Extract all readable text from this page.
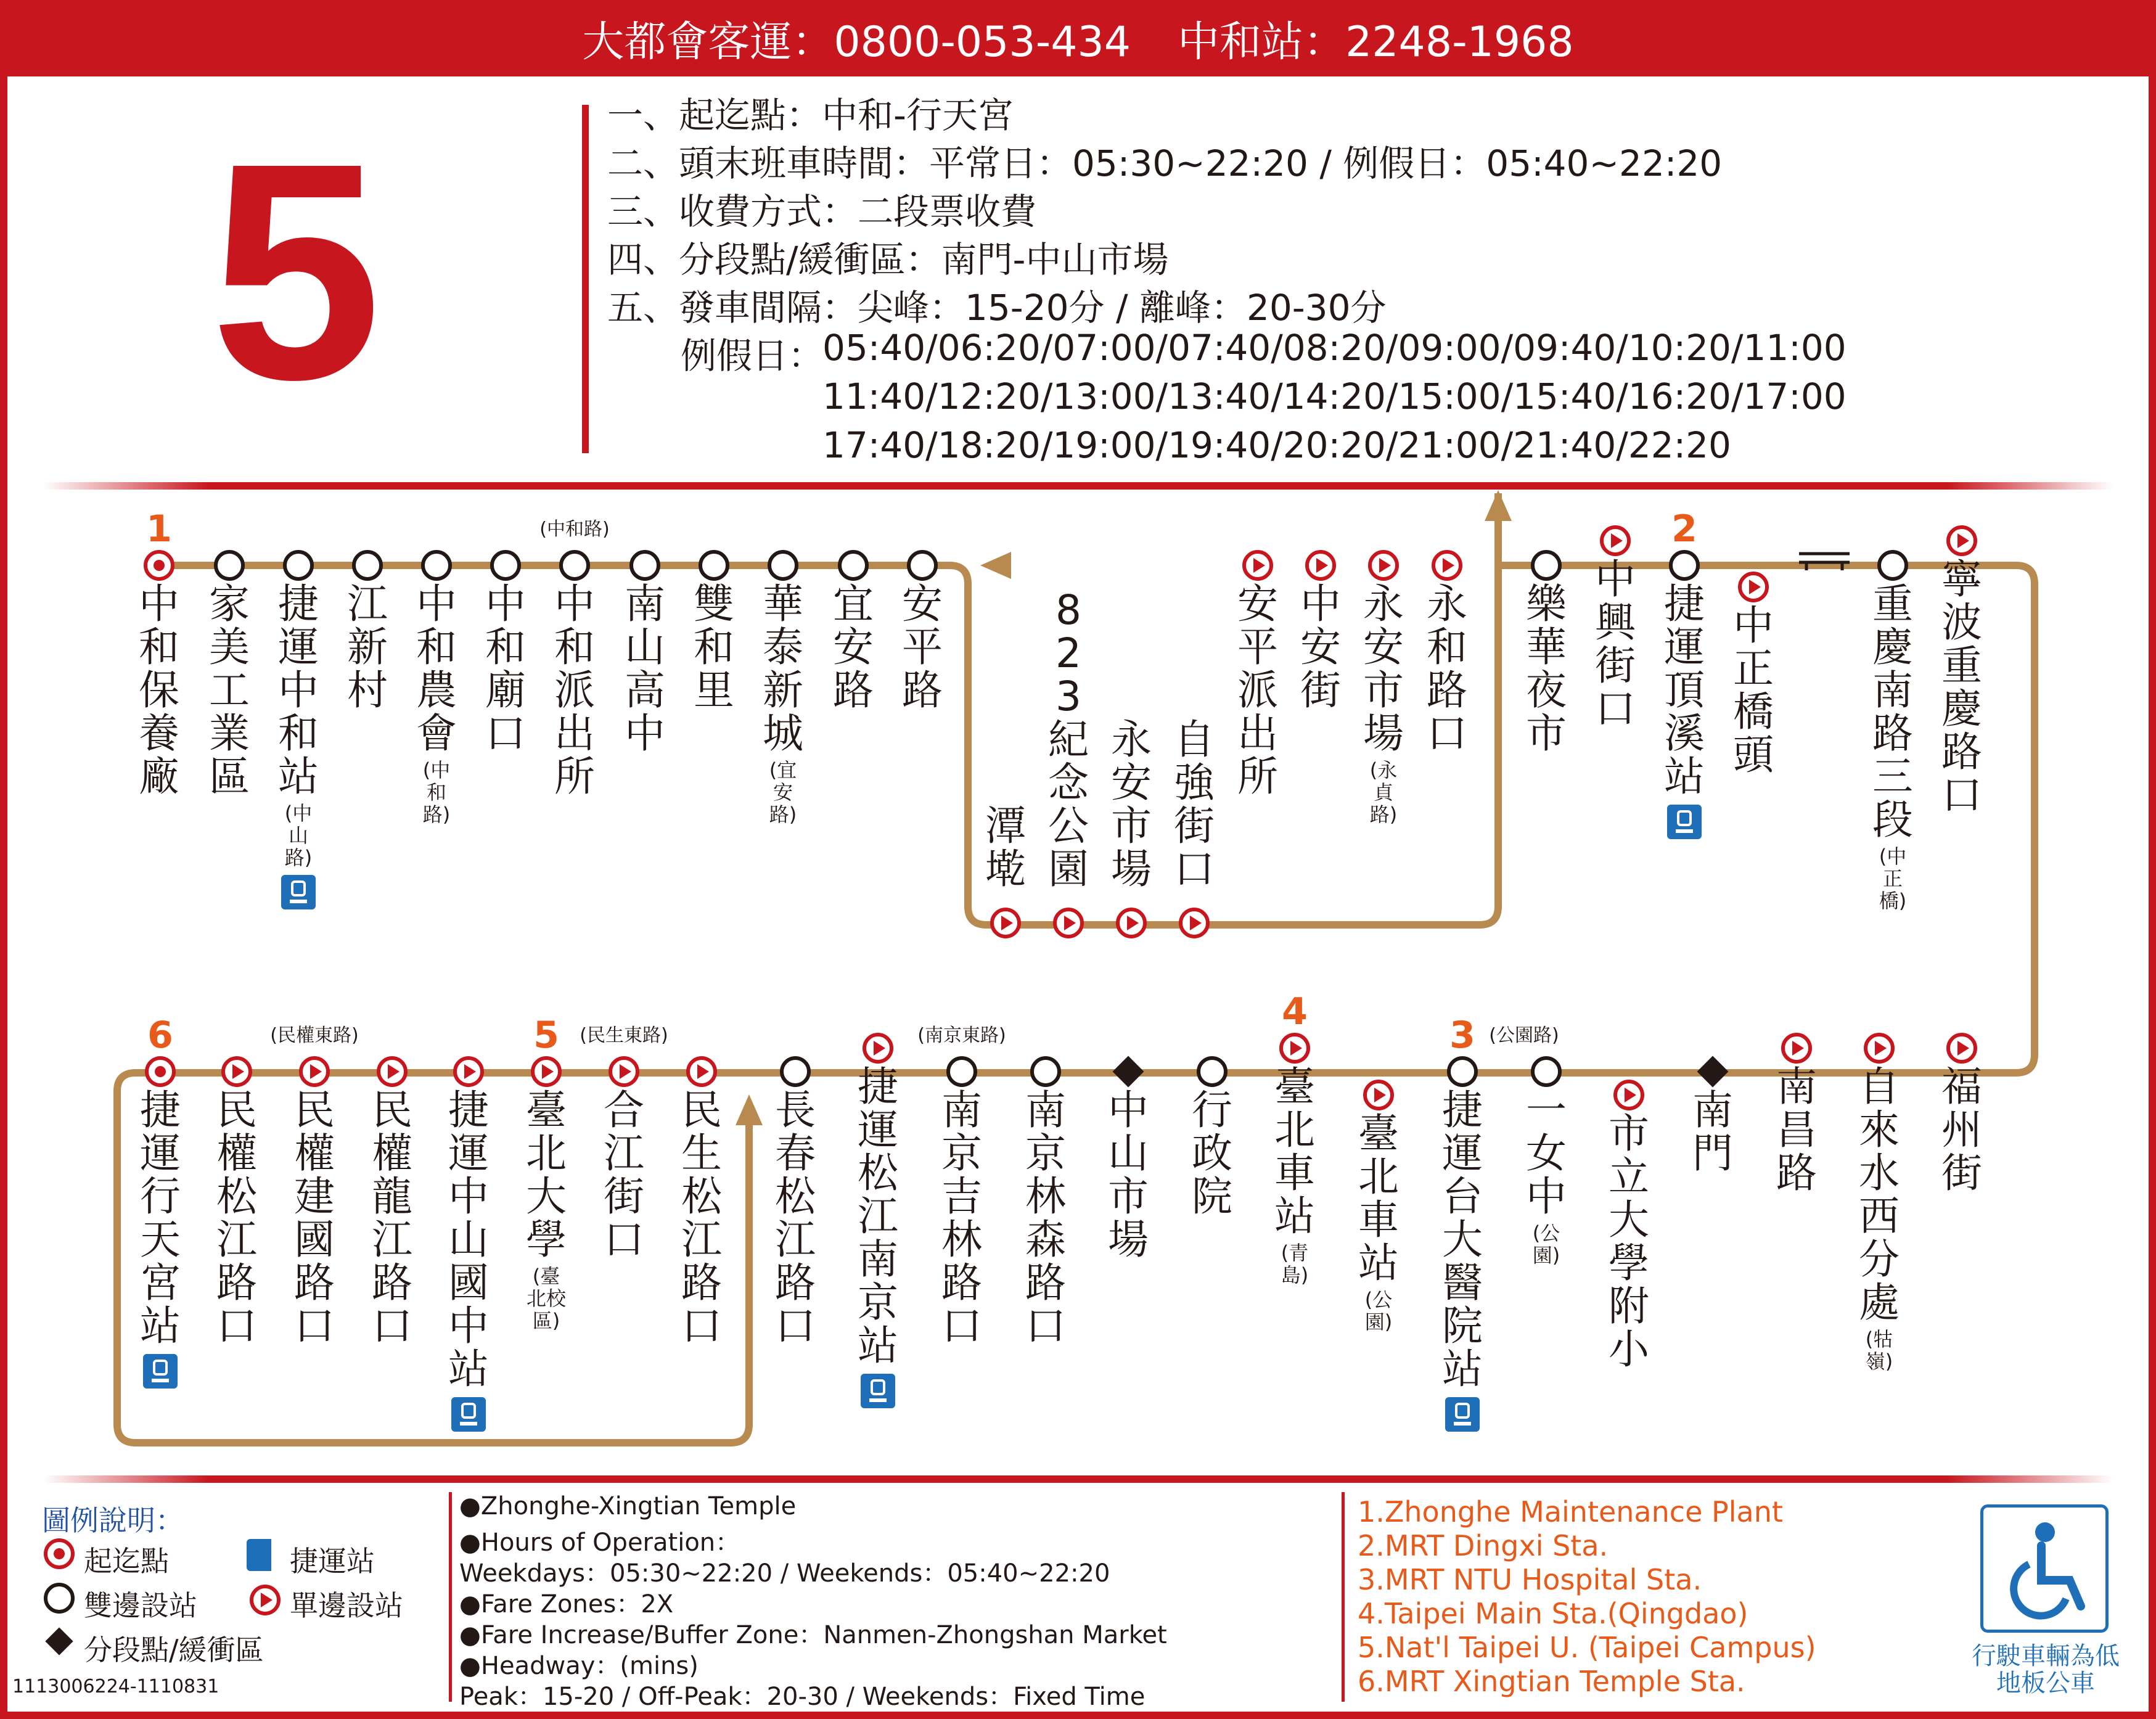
大都會客運：0800-053-434 中和站：2248-1968
5	一、起迄點：中和-行天宮
二、頭末班車時間：平常日：05:30~22:20 / 例假日：05:40~22:20
三、收費方式：二段票收費
四、分段點/緩衝區：南門-中山市場
五、發車間隔：尖峰：15-20分 / 離峰：20-30分
例假日：
05:40/06:20/07:00/07:40/08:20/09:00/09:40/10:20/11:00
11:40/12:20/13:00/13:40/14:20/15:00/15:40/16:20/17:00
17:40/18:20/19:00/19:40/20:20/21:00/21:40/22:20
1
中和保養廠
家美工業區
捷運中和站
(中山路)
江新村
中和農會
(中和路)
中和廟口
(中和路)
中和派出所
南山高中
雙和里
華泰新城
(宜安路)
宜安路
安平路
潭墘
823紀念公園
永安市場
自強街口
安平派出所
中安街
永安市場
(永貞路)
永和路口
樂華夜市
中興街口
2
捷運頂溪站
中正橋頭
重慶南路三段
(中正橋)
寧波重慶路口
福州街
自來水西分處
(牯嶺)
南昌路
南門
市立大學附小
一女中
(公園)
3 (公園路)
捷運台大醫院站
臺北車站
(公園)
4
臺北車站
(青島)
行政院
中山市場
南京林森路口
(南京東路)
南京吉林路口
捷運松江南京站
長春松江路口
民生松江路口
(民生東路)
合江街口
5
臺北大學
(臺北校區)
捷運中山國中站
民權龍江路口
(民權東路)
民權建國路口
民權松江路口
6
捷運行天宮站
圖例說明：
起迄點
雙邊設站
分段點/緩衝區
捷運站
單邊設站
●Zhonghe-Xingtian Temple
●Hours of Operation：
Weekdays：05:30~22:20 / Weekends：05:40~22:20
●Fare Zones：2X
●Fare Increase/Buffer Zone：Nanmen-Zhongshan Market
●Headway：(mins)
Peak：15-20 / Off-Peak：20-30 / Weekends：Fixed Time
1.Zhonghe Maintenance Plant
2.MRT Dingxi Sta.
3.MRT NTU Hospital Sta.
4.Taipei Main Sta.(Qingdao)
5.Nat'l Taipei U. (Taipei Campus)
6.MRT Xingtian Temple Sta.
行駛車輛為低地板公車
1113006224-1110831
